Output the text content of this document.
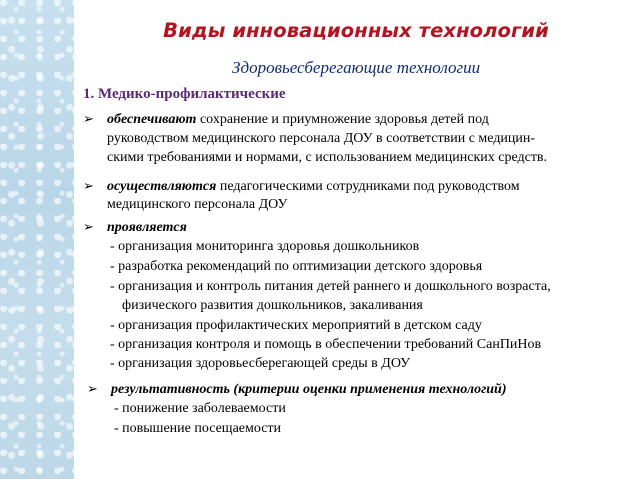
Виды инновационных технологий
Здоровьесберегающие технологии
1. Медико-профилактические
➢ обеспечивают сохранение и приумножение здоровья детей под
руководством медицинского персонала ДОУ в соответствии с медицин-
скими требованиями и нормами, с использованием медицинских средств.
➢ осуществляются педагогическими сотрудниками под руководством
медицинского персонала ДОУ
➢ проявляется
- организация мониторинга здоровья дошкольников
- разработка рекомендаций по оптимизации детского здоровья
- организация и контроль питания детей раннего и дошкольного возраста,
физического развития дошкольников, закаливания
- организация профилактических мероприятий в детском саду
- организация контроля и помощь в обеспечении требований СанПиНов
- организация здоровьесберегающей среды в ДОУ
➢ результативность (критерии оценки применения технологий)
- понижение заболеваемости
- повышение посещаемости
